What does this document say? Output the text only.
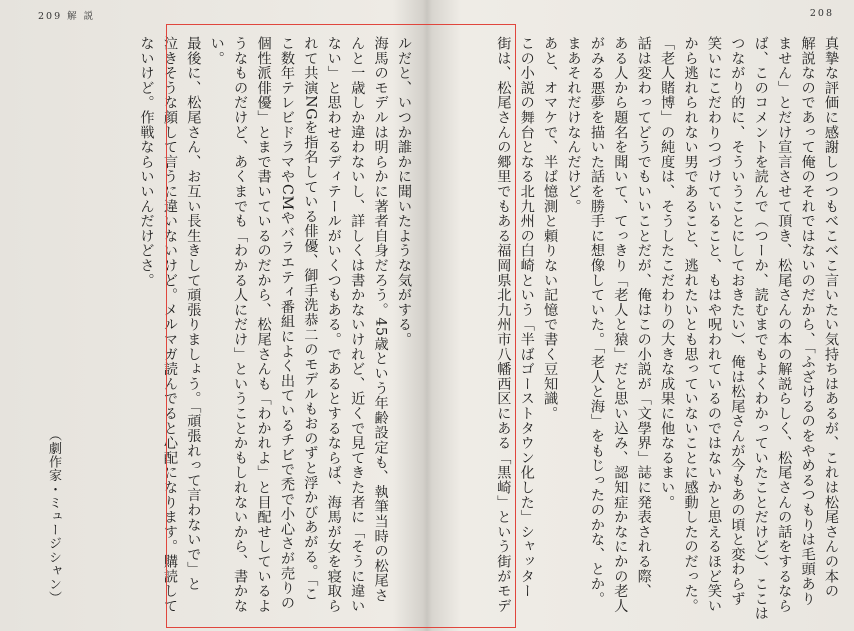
209 解 説
ルだと、いつか誰かに聞いたような気がする。
海馬のモデルは明らかに著者自身だろう。45歳という年齢設定も、執筆当時の松尾さ
んと一歳しか違わないし、詳しくは書かないけれど、近くで見てきた者に「そうに違い
ない」と思わせるディテールがいくつもある。であるとするならば、海馬が女を寝取ら
れて共演NGを指名している俳優、御手洗恭二のモデルもおのずと浮かびあがる。「こ
こ数年テレビドラマやCMやバラエティ番組によく出ているチビで禿で小心さが売りの
個性派俳優」とまで書いているのだから、松尾さんも「わかれよ」と目配せしているよ
うなものだけど、あくまでも「わかる人にだけ」ということかもしれないから、書かな
い。
最後に、松尾さん、お互い長生きして頑張りましょう。「頑張れって言わないで」と
泣きそうな顔して言うに違いないけど。メルマガ読んでると心配になります。購読して
ないけど。作戦ならいいんだけどさ。
（劇作家・ミュージシャン）
208
真摯な評価に感謝しつつもべこべこ言いたい気持ちはあるが、これは松尾さんの本の
解説なのであって俺のそれではないのだから、「ふざけるのをやめるつもりは毛頭あり
ません」とだけ宣言させて頂き、松尾さんの本の解説らしく、松尾さんの話をするなら
ば、このコメントを読んで（つーか、読むまでもよくわかっていたことだけど）、ここは
つながり的に、そういうことにしておきたい）、俺は松尾さんが今もあの頃と変わらず
笑いにこだわりつづけていること、もはや呪われているのではないかと思えるほど笑い
から逃れられない男であること、逃れたいとも思っていないことに感動したのだった。
「老人賭博」の純度は、そうしたこだわりの大きな成果に他なるまい。
話は変わってどうでもいいことだが、俺はこの小説が「文學界」誌に発表される際、
ある人から題名を聞いて、てっきり「老人と猿」だと思い込み、認知症かなにかの老人
がみる悪夢を描いた話を勝手に想像していた。「老人と海」をもじったのかな、とか。
まあそれだけなんだけど。
あと、オマケで、半ば憶測と頼りない記憶で書く豆知識。
この小説の舞台となる北九州の白崎という「半ばゴーストタウン化した」シャッター
街は、松尾さんの郷里でもある福岡県北九州市八幡西区にある「黒崎」という街がモデ
